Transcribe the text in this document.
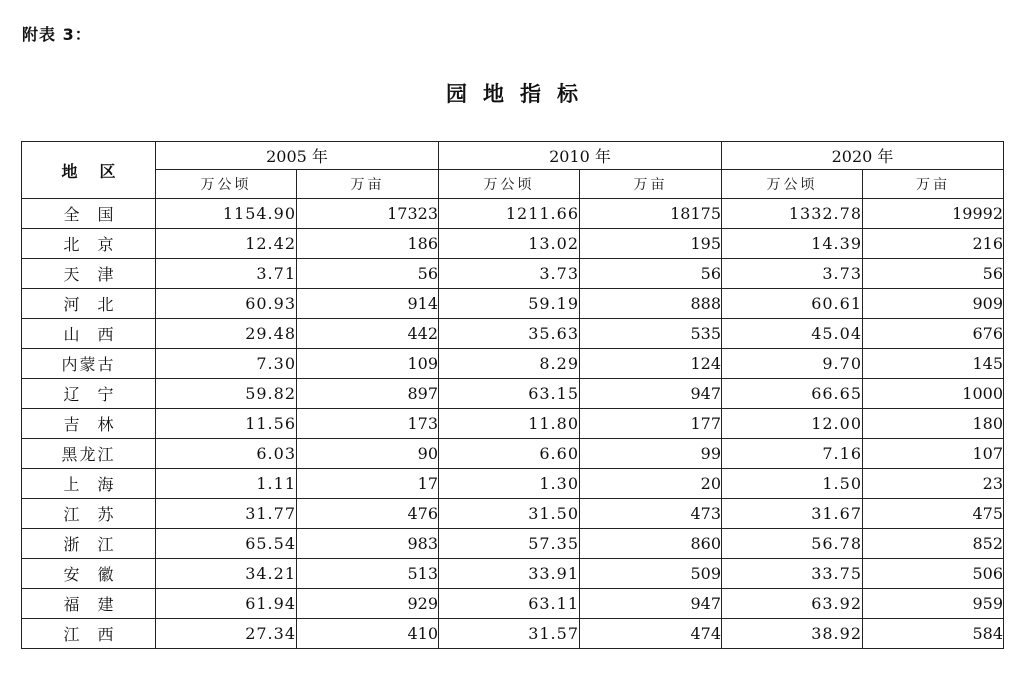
附表 3：
园地指标
地区	2005 年		2010 年		2020 年	
	万公顷	万亩	万公顷	万亩	万公顷	万亩
全国	1154.90	17323	1211.66	18175	1332.78	19992
北京	12.42	186	13.02	195	14.39	216
天津	3.71	56	3.73	56	3.73	56
河北	60.93	914	59.19	888	60.61	909
山西	29.48	442	35.63	535	45.04	676
内蒙古	7.30	109	8.29	124	9.70	145
辽宁	59.82	897	63.15	947	66.65	1000
吉林	11.56	173	11.80	177	12.00	180
黑龙江	6.03	90	6.60	99	7.16	107
上海	1.11	17	1.30	20	1.50	23
江苏	31.77	476	31.50	473	31.67	475
浙江	65.54	983	57.35	860	56.78	852
安徽	34.21	513	33.91	509	33.75	506
福建	61.94	929	63.11	947	63.92	959
江西	27.34	410	31.57	474	38.92	584
